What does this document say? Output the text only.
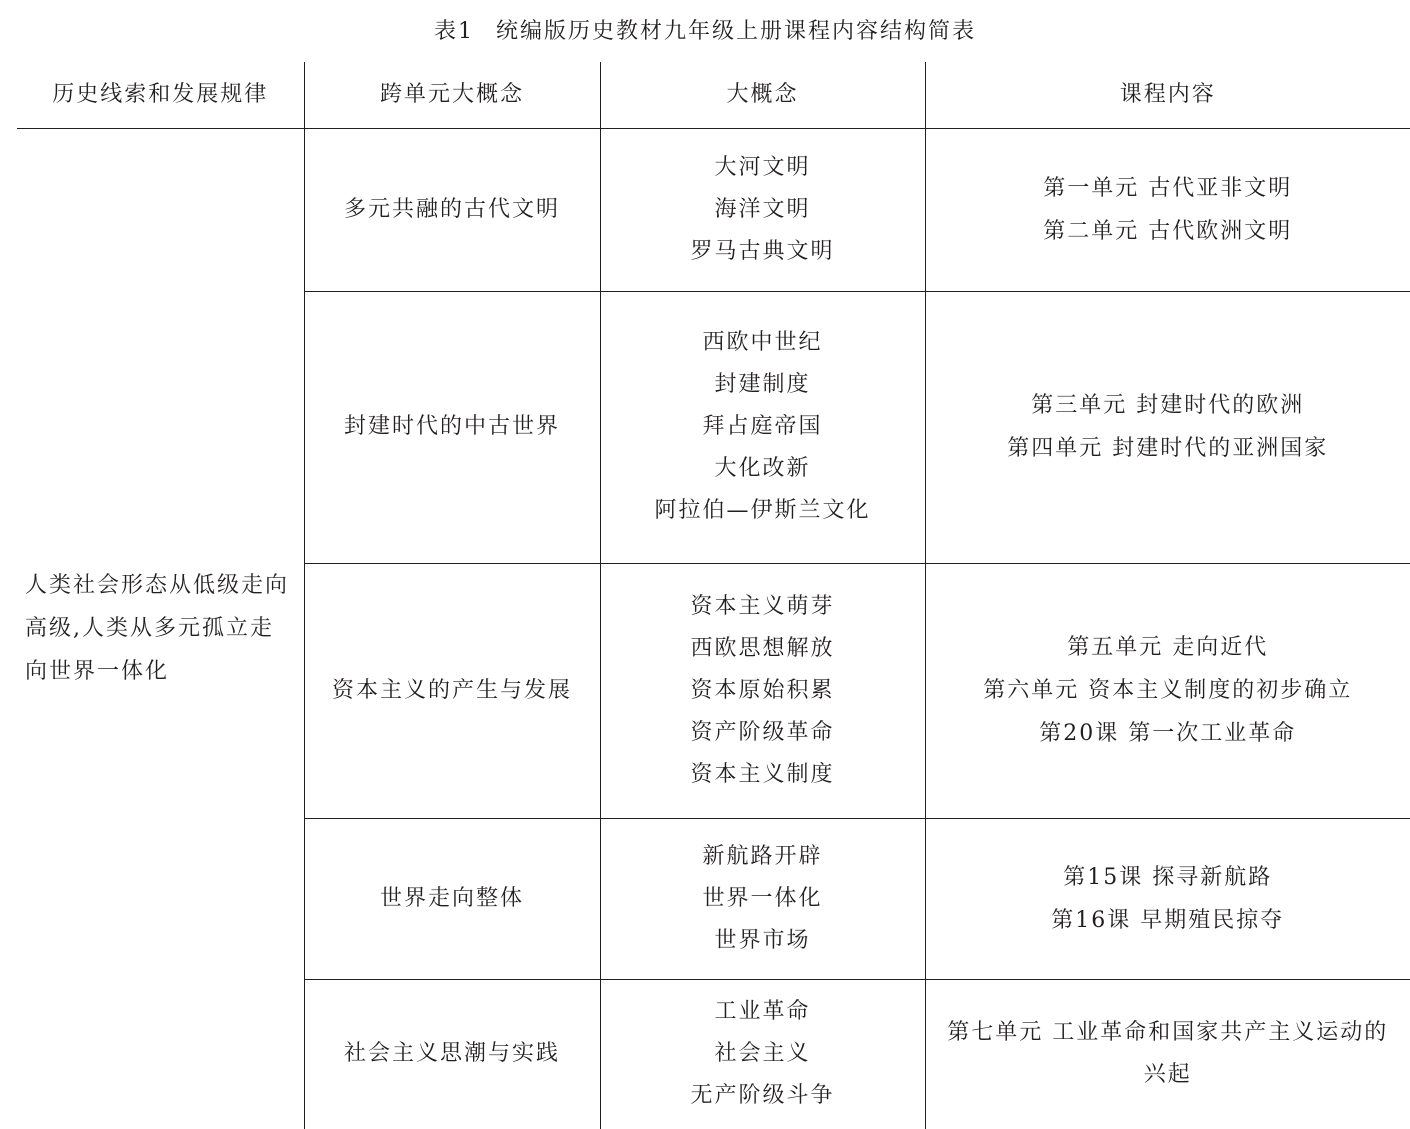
表1 统编版历史教材九年级上册课程内容结构简表
历史线索和发展规律	跨单元大概念	大概念	课程内容
人类社会形态从低级走向高级,人类从多元孤立走向世界一体化	多元共融的古代文明	大河文明
海洋文明
罗马古典文明	第一单元 古代亚非文明
第二单元 古代欧洲文明

	封建时代的中古世界	西欧中世纪
封建制度
拜占庭帝国
大化改新
阿拉伯—伊斯兰文化	第三单元 封建时代的欧洲
第四单元 封建时代的亚洲国家

	资本主义的产生与发展	资本主义萌芽
西欧思想解放
资本原始积累
资产阶级革命
资本主义制度	第五单元 走向近代
第六单元 资本主义制度的初步确立
第20课 第一次工业革命

	世界走向整体	新航路开辟
世界一体化
世界市场	第15课 探寻新航路
第16课 早期殖民掠夺

	社会主义思潮与实践	工业革命
社会主义
无产阶级斗争	第七单元 工业革命和国家共产主义运动的兴起
